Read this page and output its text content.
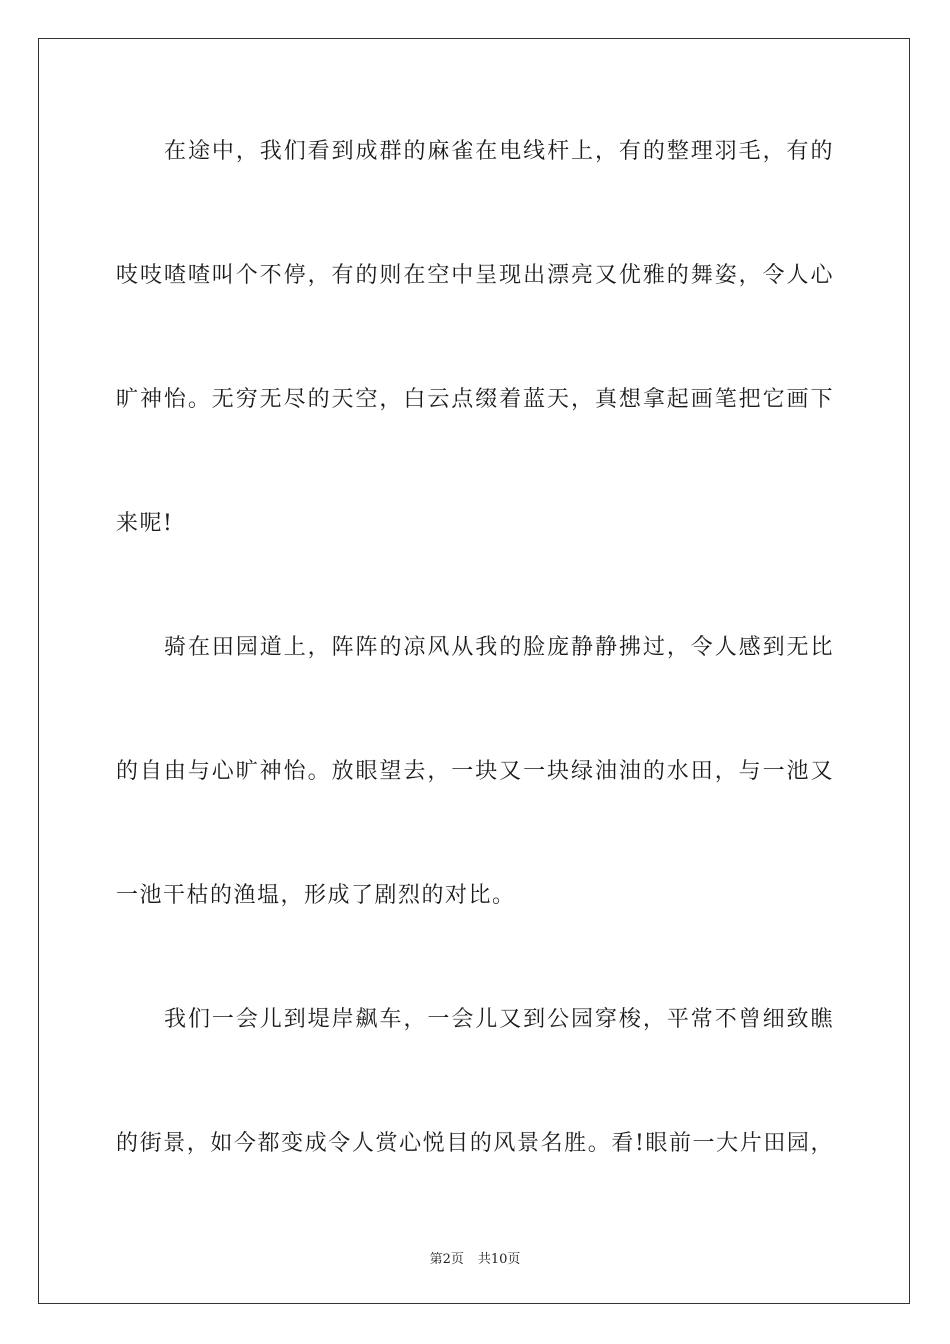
在途中，我们看到成群的麻雀在电线杆上，有的整理羽毛，有的
吱吱喳喳叫个不停，有的则在空中呈现出漂亮又优雅的舞姿，令人心
旷神怡。无穷无尽的天空，白云点缀着蓝天，真想拿起画笔把它画下
来呢!
骑在田园道上，阵阵的凉风从我的脸庞静静拂过，令人感到无比
的自由与心旷神怡。放眼望去，一块又一块绿油油的水田，与一池又
一池干枯的渔塭，形成了剧烈的对比。
我们一会儿到堤岸飙车，一会儿又到公园穿梭，平常不曾细致瞧
的街景，如今都变成令人赏心悦目的风景名胜。看!眼前一大片田园，
第2页 共10页
